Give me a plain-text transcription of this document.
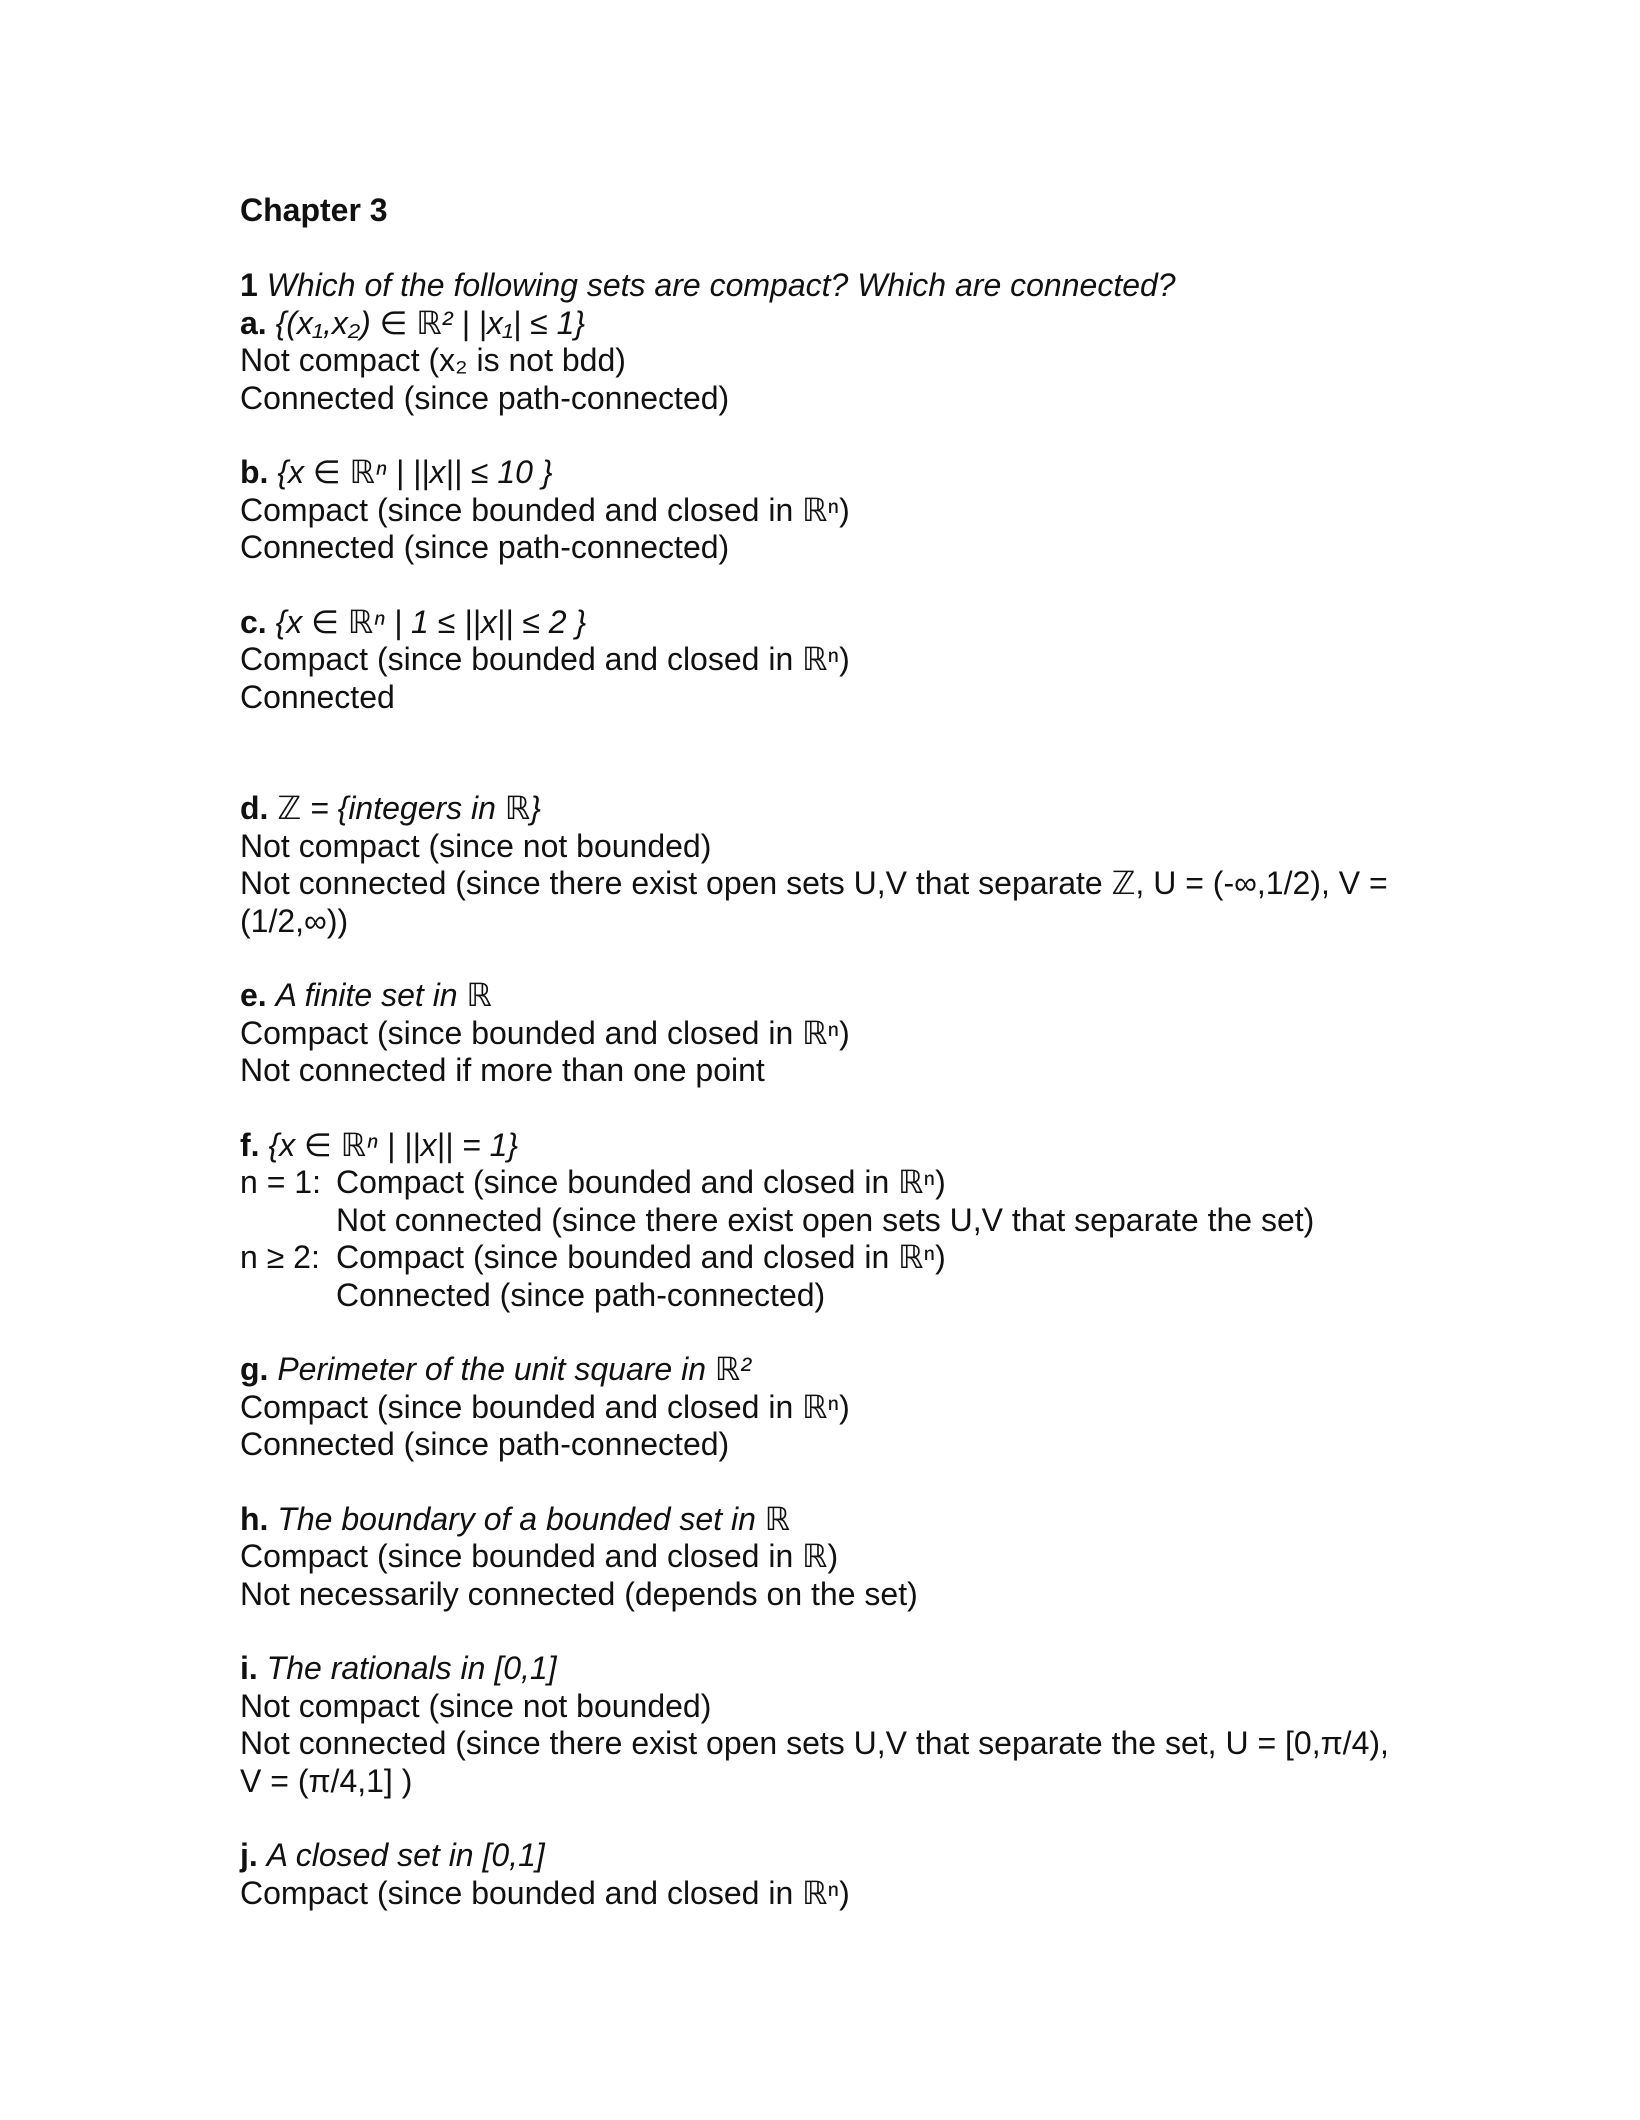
Chapter 3
1 Which of the following sets are compact? Which are connected?
a. {(x₁,x₂) ∈ ℝ² | |x₁| ≤ 1}
Not compact (x₂ is not bdd)
Connected (since path-connected)
b. {x ∈ ℝⁿ | ||x|| ≤ 10 }
Compact (since bounded and closed in ℝⁿ)
Connected (since path-connected)
c. {x ∈ ℝⁿ | 1 ≤ ||x|| ≤ 2 }
Compact (since bounded and closed in ℝⁿ)
Connected
d. ℤ = {integers in ℝ}
Not compact (since not bounded)
Not connected (since there exist open sets U,V that separate ℤ, U = (-∞,1/2), V =
(1/2,∞))
e. A finite set in ℝ
Compact (since bounded and closed in ℝⁿ)
Not connected if more than one point
f. {x ∈ ℝⁿ | ||x|| = 1}
n = 1: Compact (since bounded and closed in ℝⁿ)
Not connected (since there exist open sets U,V that separate the set)
n ≥ 2: Compact (since bounded and closed in ℝⁿ)
Connected (since path-connected)
g. Perimeter of the unit square in ℝ²
Compact (since bounded and closed in ℝⁿ)
Connected (since path-connected)
h. The boundary of a bounded set in ℝ
Compact (since bounded and closed in ℝ)
Not necessarily connected (depends on the set)
i. The rationals in [0,1]
Not compact (since not bounded)
Not connected (since there exist open sets U,V that separate the set, U = [0,π/4),
V = (π/4,1] )
j. A closed set in [0,1]
Compact (since bounded and closed in ℝⁿ)
